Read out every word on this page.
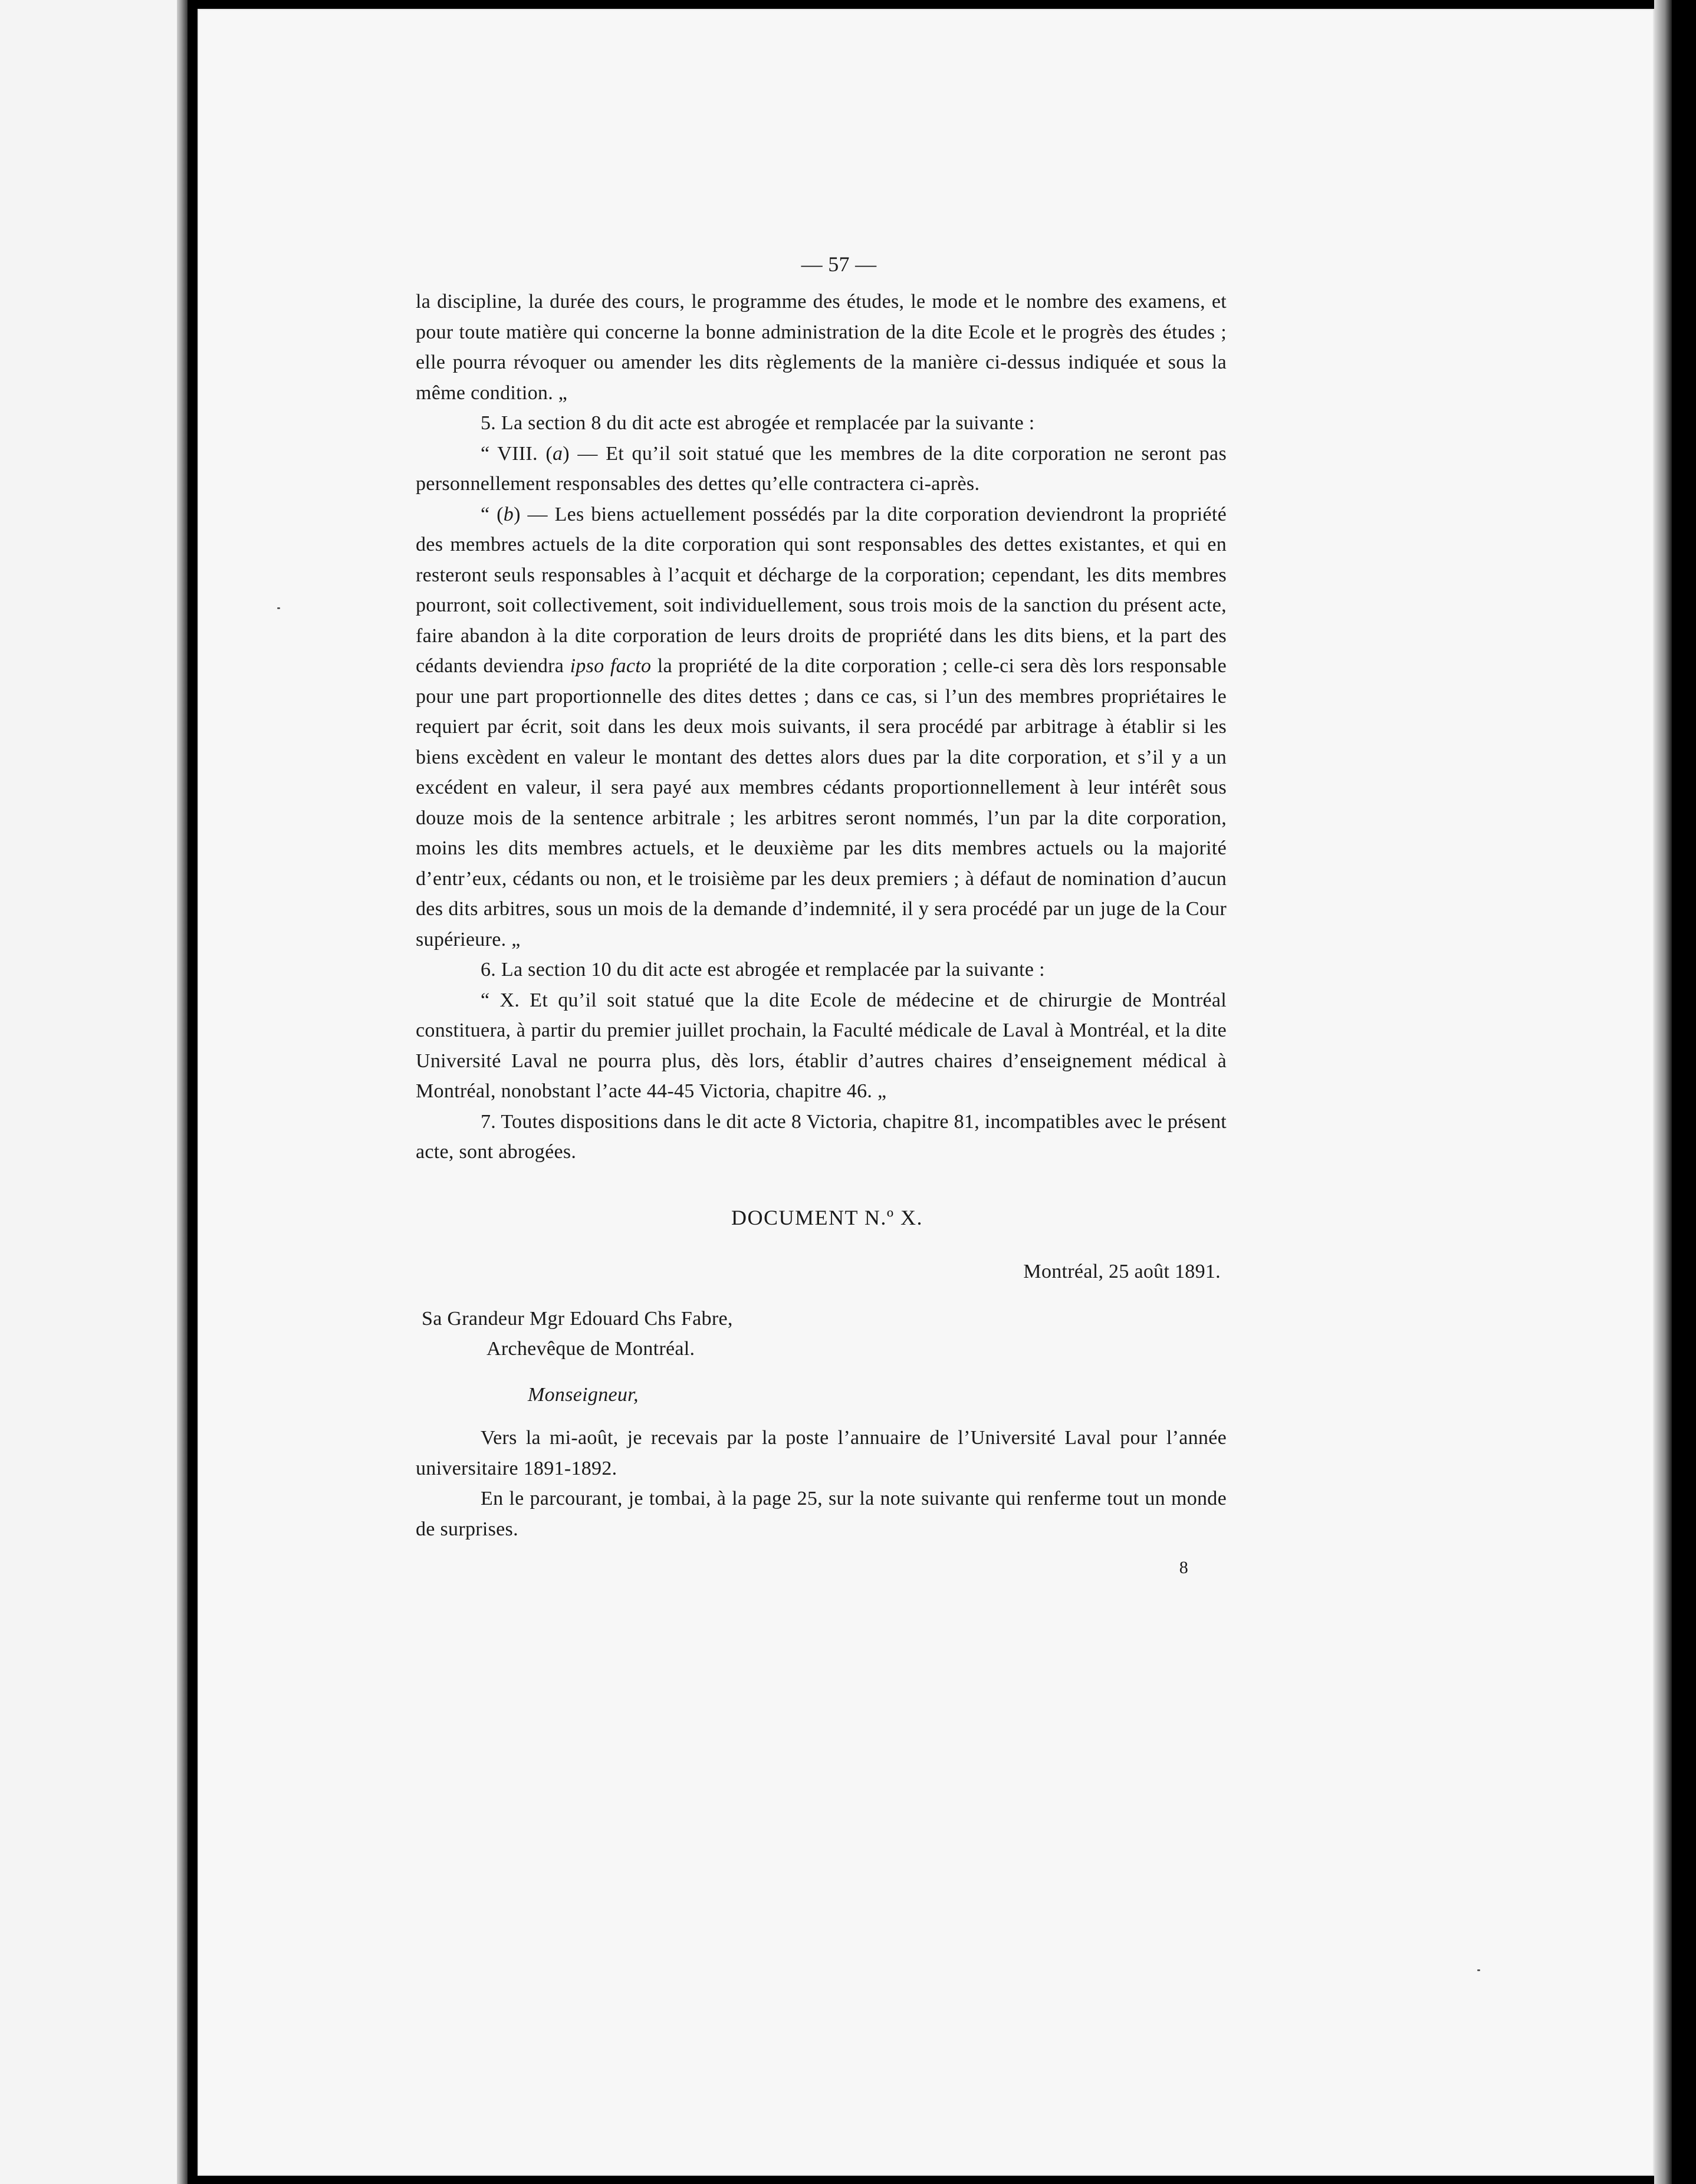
— 57 —

la discipline, la durée des cours, le programme des études, le mode et le nombre des examens, et pour toute matière qui concerne la bonne administration de la dite Ecole et le progrès des études ; elle pourra révoquer ou amender les dits règlements de la manière ci-dessus indiquée et sous la même condition. „

5. La section 8 du dit acte est abrogée et remplacée par la suivante :

“ VIII. (a) — Et qu’il soit statué que les membres de la dite corporation ne seront pas personnellement responsables des dettes qu’elle contractera ci-après.

“ (b) — Les biens actuellement possédés par la dite corporation deviendront la propriété des membres actuels de la dite corporation qui sont responsables des dettes existantes, et qui en resteront seuls responsables à l’acquit et décharge de la corporation; cependant, les dits membres pourront, soit collectivement, soit individuellement, sous trois mois de la sanction du présent acte, faire abandon à la dite corporation de leurs droits de propriété dans les dits biens, et la part des cédants deviendra ipso facto la propriété de la dite corporation ; celle-ci sera dès lors responsable pour une part proportionnelle des dites dettes ; dans ce cas, si l’un des membres propriétaires le requiert par écrit, soit dans les deux mois suivants, il sera procédé par arbitrage à établir si les biens excèdent en valeur le montant des dettes alors dues par la dite corporation, et s’il y a un excédent en valeur, il sera payé aux membres cédants proportionnellement à leur intérêt sous douze mois de la sentence arbitrale ; les arbitres seront nommés, l’un par la dite corporation, moins les dits membres actuels, et le deuxième par les dits membres actuels ou la majorité d’entr’eux, cédants ou non, et le troisième par les deux premiers ; à défaut de nomination d’aucun des dits arbitres, sous un mois de la demande d’indemnité, il y sera procédé par un juge de la Cour supérieure. „

6. La section 10 du dit acte est abrogée et remplacée par la suivante :

“ X. Et qu’il soit statué que la dite Ecole de médecine et de chirurgie de Montréal constituera, à partir du premier juillet prochain, la Faculté médicale de Laval à Montréal, et la dite Université Laval ne pourra plus, dès lors, établir d’autres chaires d’enseignement médical à Montréal, nonobstant l’acte 44-45 Victoria, chapitre 46. „

7. Toutes dispositions dans le dit acte 8 Victoria, chapitre 81, incompatibles avec le présent acte, sont abrogées.

DOCUMENT N.º X.
Montréal, 25 août 1891.

Sa Grandeur Mgr Edouard Chs Fabre,

Archevêque de Montréal.

Monseigneur,

Vers la mi-août, je recevais par la poste l’annuaire de l’Université Laval pour l’année universitaire 1891-1892.

En le parcourant, je tombai, à la page 25, sur la note suivante qui renferme tout un monde de surprises.

8
